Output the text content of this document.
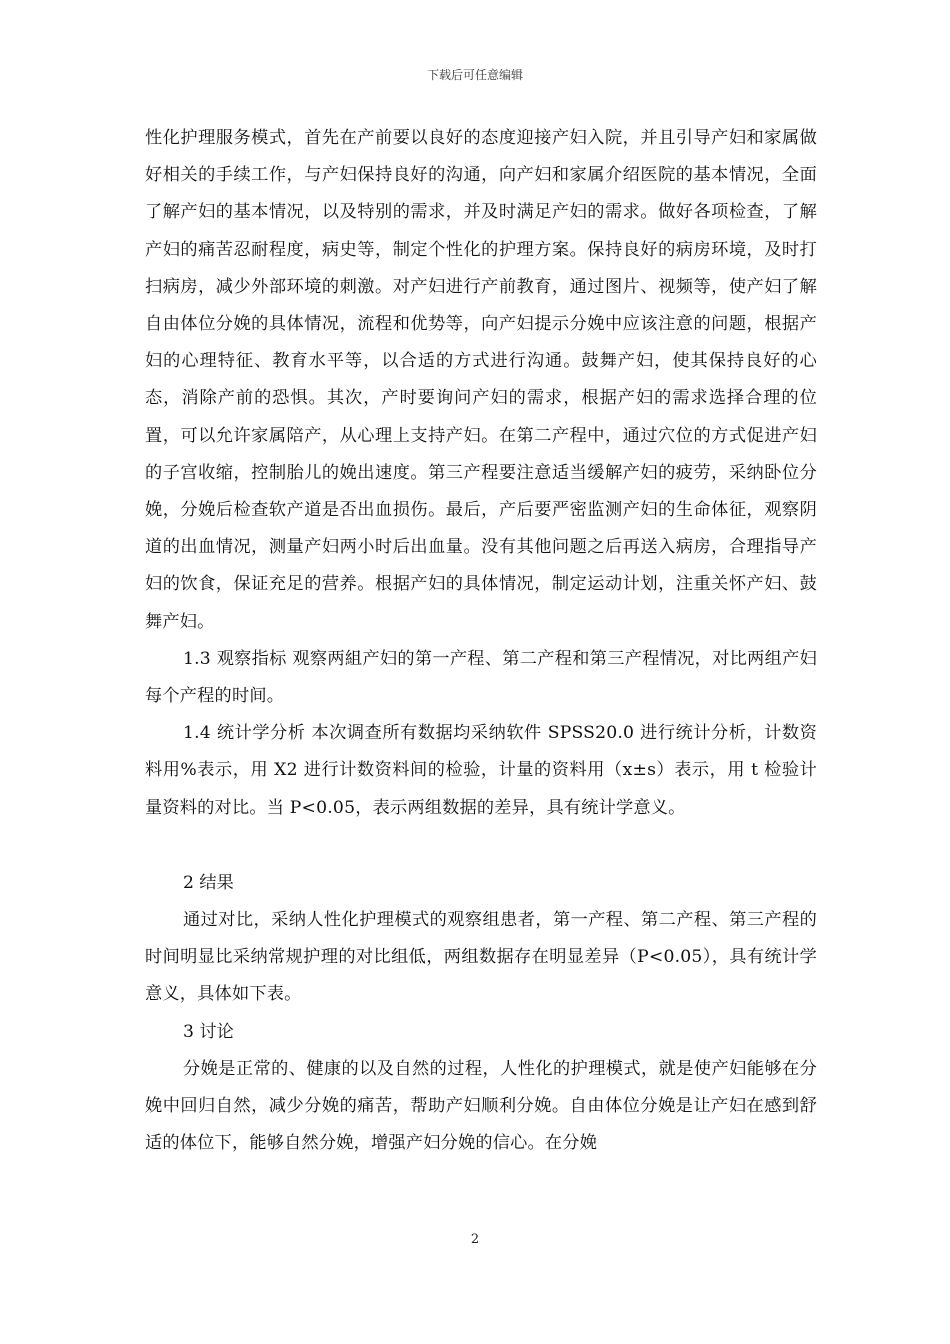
下载后可任意编辑

性化护理服务模式，首先在产前要以良好的态度迎接产妇入院，并且引导产妇和家属做好相关的手续工作，与产妇保持良好的沟通，向产妇和家属介绍医院的基本情况，全面了解产妇的基本情况，以及特别的需求，并及时满足产妇的需求。做好各项检查，了解产妇的痛苦忍耐程度，病史等，制定个性化的护理方案。保持良好的病房环境，及时打扫病房，减少外部环境的刺激。对产妇进行产前教育，通过图片、视频等，使产妇了解自由体位分娩的具体情况，流程和优势等，向产妇提示分娩中应该注意的问题，根据产妇的心理特征、教育水平等，以合适的方式进行沟通。鼓舞产妇，使其保持良好的心态，消除产前的恐惧。其次，产时要询问产妇的需求，根据产妇的需求选择合理的位置，可以允许家属陪产，从心理上支持产妇。在第二产程中，通过穴位的方式促进产妇的子宫收缩，控制胎儿的娩出速度。第三产程要注意适当缓解产妇的疲劳，采纳卧位分娩，分娩后检查软产道是否出血损伤。最后，产后要严密监测产妇的生命体征，观察阴道的出血情况，测量产妇两小时后出血量。没有其他问题之后再送入病房，合理指导产妇的饮食，保证充足的营养。根据产妇的具体情况，制定运动计划，注重关怀产妇、鼓舞产妇。

1.3 观察指标 观察两組产妇的第一产程、第二产程和第三产程情况，对比两组产妇每个产程的时间。

1.4 统计学分析 本次调查所有数据均采纳软件 SPSS20.0 进行统计分析，计数资料用%表示，用 X2 进行计数资料间的检验，计量的资料用（x±s）表示，用 t 检验计量资料的对比。当 P<0.05，表示两组数据的差异，具有统计学意义。

2 结果

通过对比，采纳人性化护理模式的观察组患者，第一产程、第二产程、第三产程的时间明显比采纳常规护理的对比组低，两组数据存在明显差异（P<0.05），具有统计学意义，具体如下表。

3 讨论

分娩是正常的、健康的以及自然的过程，人性化的护理模式，就是使产妇能够在分娩中回归自然，减少分娩的痛苦，帮助产妇顺利分娩。自由体位分娩是让产妇在感到舒适的体位下，能够自然分娩，增强产妇分娩的信心。在分娩

2
